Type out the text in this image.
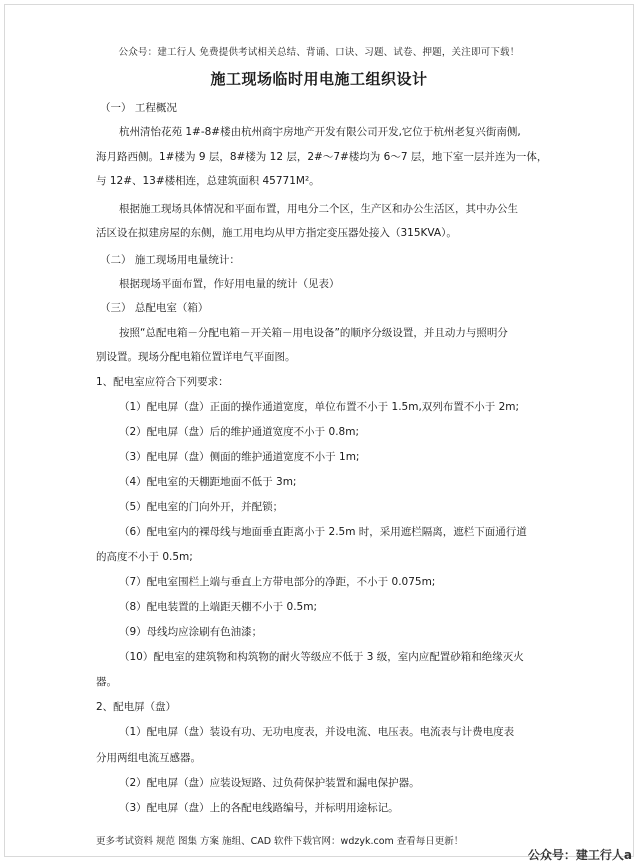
公众号：建工行人 免费提供考试相关总结、背诵、口诀、习题、试卷、押题，关注即可下载！
施工现场临时用电施工组织设计
（一） 工程概况
杭州清怡花苑 1#-8#楼由杭州商宇房地产开发有限公司开发,它位于杭州老复兴街南侧,
海月路西侧。1#楼为 9 层，8#楼为 12 层，2#～7#楼均为 6～7 层，地下室一层并连为一体，
与 12#、13#楼相连，总建筑面积 45771M²。
根据施工现场具体情况和平面布置，用电分二个区，生产区和办公生活区，其中办公生
活区设在拟建房屋的东侧，施工用电均从甲方指定变压器处接入（315KVA）。
（二） 施工现场用电量统计：
根据现场平面布置，作好用电量的统计（见表）
（三） 总配电室（箱）
按照“总配电箱－分配电箱－开关箱－用电设备”的顺序分级设置，并且动力与照明分
别设置。现场分配电箱位置详电气平面图。
1、配电室应符合下列要求：
（1）配电屏（盘）正面的操作通道宽度，单位布置不小于 1.5m,双列布置不小于 2m;
（2）配电屏（盘）后的维护通道宽度不小于 0.8m;
（3）配电屏（盘）侧面的维护通道宽度不小于 1m;
（4）配电室的天棚距地面不低于 3m;
（5）配电室的门向外开，并配锁；
（6）配电室内的裸母线与地面垂直距离小于 2.5m 时，采用遮栏隔离，遮栏下面通行道
的高度不小于 0.5m;
（7）配电室围栏上端与垂直上方带电部分的净距，不小于 0.075m;
（8）配电装置的上端距天棚不小于 0.5m;
（9）母线均应涂刷有色油漆；
（10）配电室的建筑物和构筑物的耐火等级应不低于 3 级，室内应配置砂箱和绝缘灭火
器。
2、配电屏（盘）
（1）配电屏（盘）装设有功、无功电度表，并设电流、电压表。电流表与计费电度表
分用两组电流互感器。
（2）配电屏（盘）应装设短路、过负荷保护装置和漏电保护器。
（3）配电屏（盘）上的各配电线路编号，并标明用途标记。
更多考试资料 规范 图集 方案 施组、CAD 软件下载官网：wdzyk.com 查看每日更新！
公众号：建工行人a
